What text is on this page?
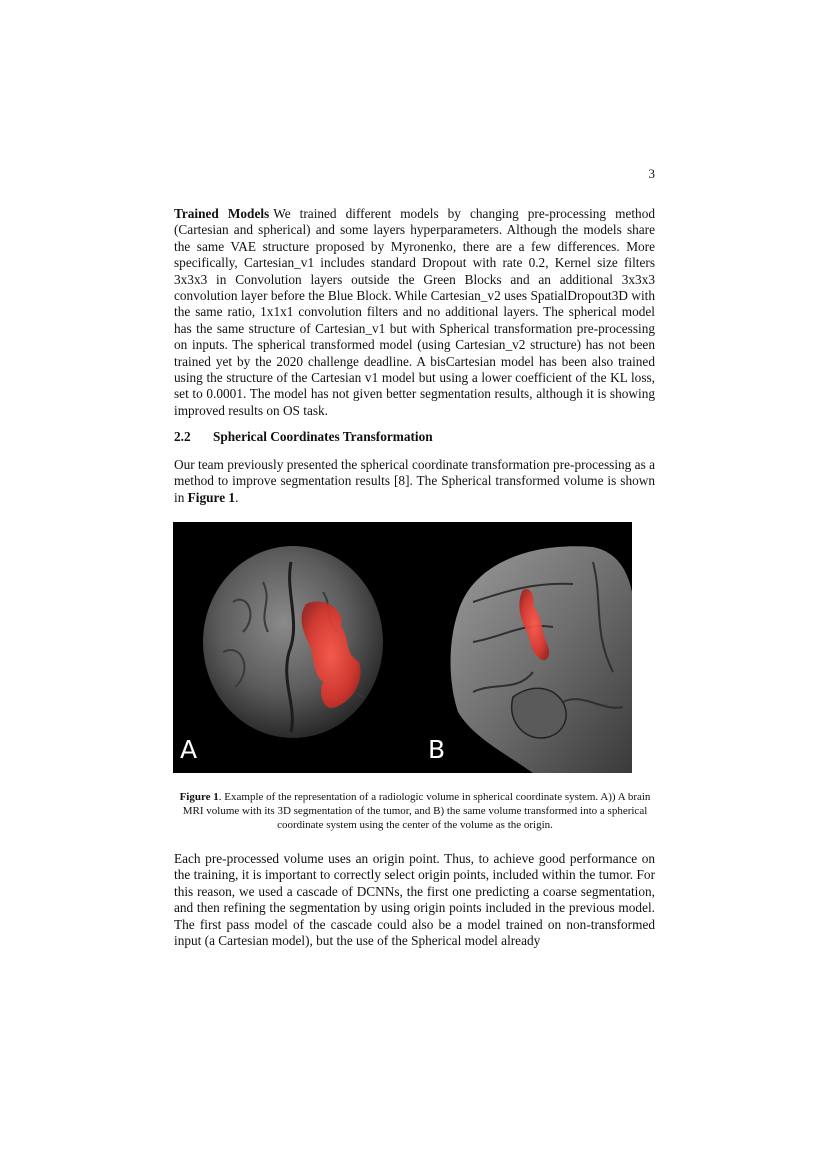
3

Trained Models We trained different models by changing pre-processing method (Cartesian and spherical) and some layers hyperparameters. Although the models share the same VAE structure proposed by Myronenko, there are a few differences. More specifically, Cartesian_v1 includes standard Dropout with rate 0.2, Kernel size filters 3x3x3 in Convolution layers outside the Green Blocks and an additional 3x3x3 convolution layer before the Blue Block. While Cartesian_v2 uses SpatialDropout3D with the same ratio, 1x1x1 convolution filters and no additional layers. The spherical model has the same structure of Cartesian_v1 but with Spherical transformation pre-processing on inputs. The spherical transformed model (using Cartesian_v2 structure) has not been trained yet by the 2020 challenge deadline. A bisCartesian model has been also trained using the structure of the Cartesian v1 model but using a lower coefficient of the KL loss, set to 0.0001. The model has not given better segmentation results, although it is showing improved results on OS task.

2.2 Spherical Coordinates Transformation

Our team previously presented the spherical coordinate transformation pre-processing as a method to improve segmentation results [8]. The Spherical transformed volume is shown in Figure 1.

A	B
Figure 1. Example of the representation of a radiologic volume in spherical coordinate system. A)) A brain MRI volume with its 3D segmentation of the tumor, and B) the same volume transformed into a spherical coordinate system using the center of the volume as the origin.

Each pre-processed volume uses an origin point. Thus, to achieve good performance on the training, it is important to correctly select origin points, included within the tumor. For this reason, we used a cascade of DCNNs, the first one predicting a coarse segmentation, and then refining the segmentation by using origin points included in the previous model. The first pass model of the cascade could also be a model trained on non-transformed input (a Cartesian model), but the use of the Spherical model already
